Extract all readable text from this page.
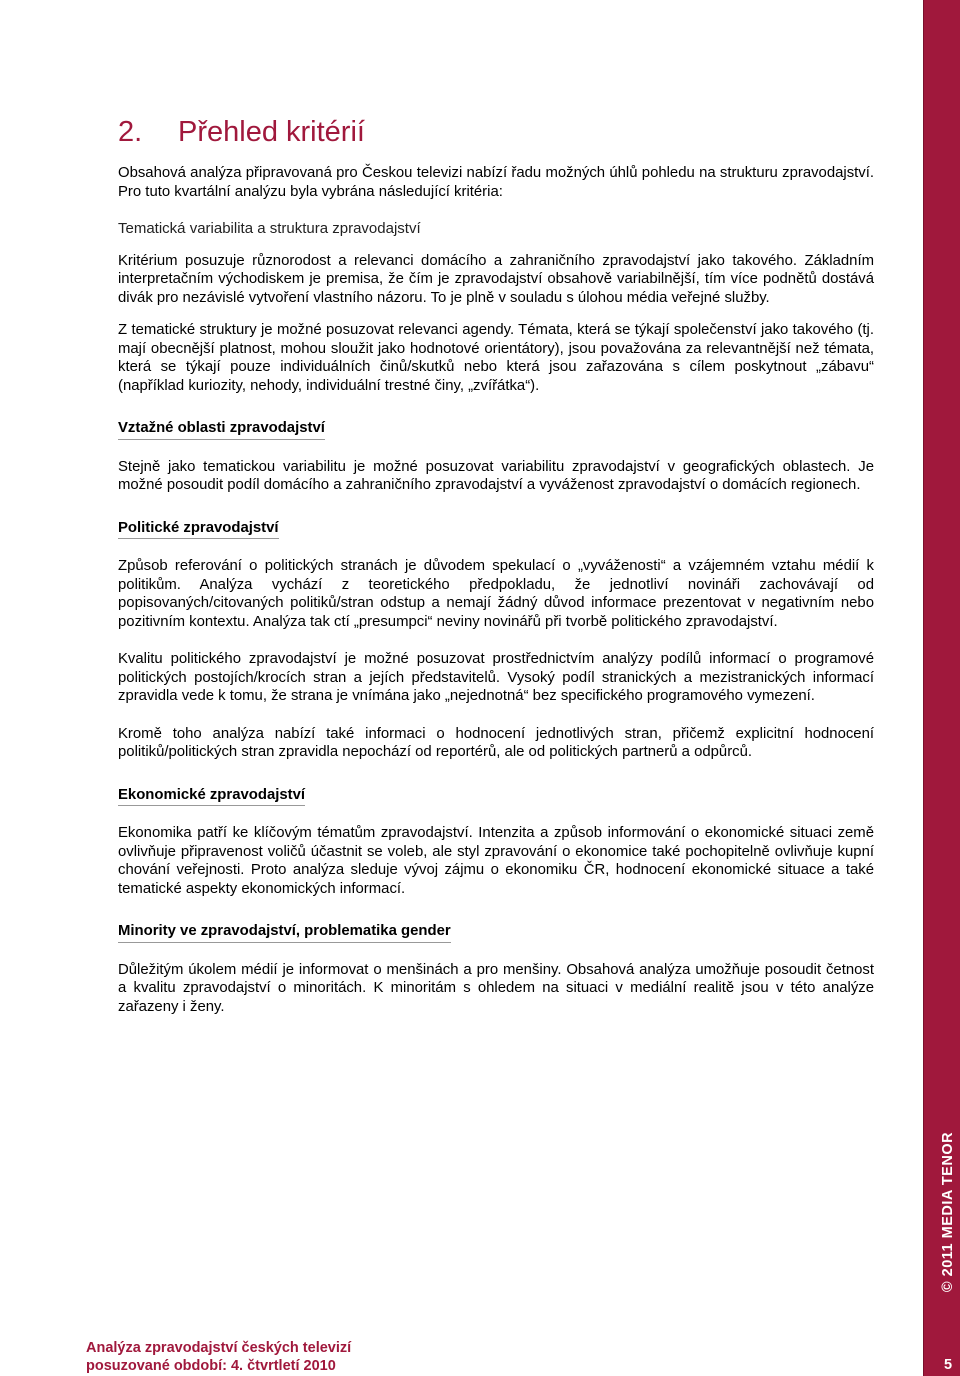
2.	Přehled kritérií

Obsahová analýza připravovaná pro Českou televizi nabízí řadu možných úhlů pohledu na strukturu zpravodajství. Pro tuto kvartální analýzu byla vybrána následující kritéria:

Tematická variabilita a struktura zpravodajství

Kritérium posuzuje různorodost a relevanci domácího a zahraničního zpravodajství jako takového. Základním interpretačním východiskem je premisa, že čím je zpravodajství obsahově variabilnější, tím více podnětů dostává divák pro nezávislé vytvoření vlastního názoru. To je plně v souladu s úlohou média veřejné služby.

Z tematické struktury je možné posuzovat relevanci agendy. Témata, která se týkají společenství jako takového (tj. mají obecnější platnost, mohou sloužit jako hodnotové orientátory), jsou považována za relevantnější než témata, která se týkají pouze individuálních činů/skutků nebo která jsou zařazována s cílem poskytnout „zábavu“ (například kuriozity, nehody, individuální trestné činy, „zvířátka“).

Vztažné oblasti zpravodajství

Stejně jako tematickou variabilitu je možné posuzovat variabilitu zpravodajství v geografických oblastech. Je možné posoudit podíl domácího a zahraničního zpravodajství a vyváženost zpravodajství o domácích regionech.

Politické zpravodajství

Způsob referování o politických stranách je důvodem spekulací o „vyváženosti“ a vzájemném vztahu médií k politikům. Analýza vychází z teoretického předpokladu, že jednotliví novináři zachovávají od popisovaných/citovaných politiků/stran odstup a nemají žádný důvod informace prezentovat v negativním nebo pozitivním kontextu. Analýza tak ctí „presumpci“ neviny novinářů při tvorbě politického zpravodajství.

Kvalitu politického zpravodajství je možné posuzovat prostřednictvím analýzy podílů informací o programové politických postojích/krocích stran a jejích představitelů. Vysoký podíl stranických a mezistranických informací zpravidla vede k tomu, že strana je vnímána jako „nejednotná“ bez specifického programového vymezení.

Kromě toho analýza nabízí také informaci o hodnocení jednotlivých stran, přičemž explicitní hodnocení politiků/politických stran zpravidla nepochází od reportérů, ale od politických partnerů a odpůrců.

Ekonomické zpravodajství

Ekonomika patří ke klíčovým tématům zpravodajství. Intenzita a způsob informování o ekonomické situaci země ovlivňuje připravenost voličů účastnit se voleb, ale styl zpravování o ekonomice také pochopitelně ovlivňuje kupní chování veřejnosti. Proto analýza sleduje vývoj zájmu o ekonomiku ČR, hodnocení ekonomické situace a také tematické aspekty ekonomických informací.

Minority ve zpravodajství, problematika gender

Důležitým úkolem médií je informovat o menšinách a pro menšiny. Obsahová analýza umožňuje posoudit četnost a kvalitu zpravodajství o minoritách. K minoritám s ohledem na situaci v mediální realitě jsou v této analýze zařazeny i ženy.

© 2011 MEDIA TENOR
5
Analýza zpravodajství českých televizí
posuzované období: 4. čtvrtletí 2010
